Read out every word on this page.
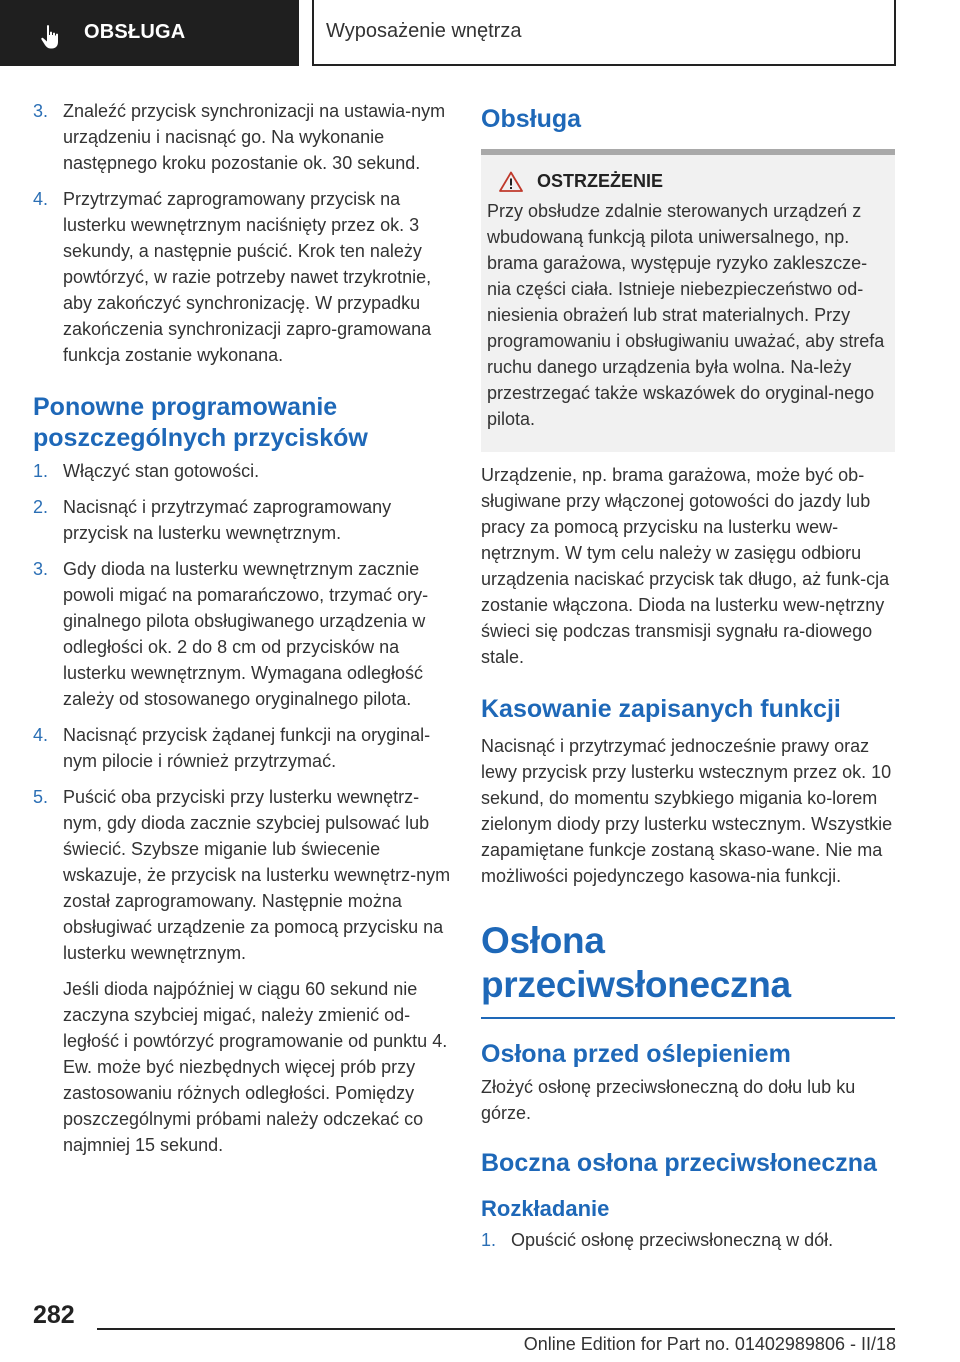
OBSŁUGA	Wyposażenie wnętrza
3. Znaleźć przycisk synchronizacji na ustawia‐nym urządzeniu i nacisnąć go. Na wykonanie następnego kroku pozostanie ok. 30 sekund.
4. Przytrzymać zaprogramowany przycisk na lusterku wewnętrznym naciśnięty przez ok. 3 sekundy, a następnie puścić. Krok ten należy powtórzyć, w razie potrzeby nawet trzykrotnie, aby zakończyć synchronizację. W przypadku zakończenia synchronizacji zapro‐gramowana funkcja zostanie wykonana.
Ponowne programowanie poszczególnych przycisków
1. Włączyć stan gotowości.
2. Nacisnąć i przytrzymać zaprogramowany przycisk na lusterku wewnętrznym.
3. Gdy dioda na lusterku wewnętrznym zacznie powoli migać na pomarańczowo, trzymać ory‐ginalnego pilota obsługiwanego urządzenia w odległości ok. 2 do 8 cm od przycisków na lusterku wewnętrznym. Wymagana odległość zależy od stosowanego oryginalnego pilota.
4. Nacisnąć przycisk żądanej funkcji na oryginal‐nym pilocie i również przytrzymać.
5. Puścić oba przyciski przy lusterku wewnętrz‐nym, gdy dioda zacznie szybciej pulsować lub świecić. Szybsze miganie lub świecenie wskazuje, że przycisk na lusterku wewnętrz‐nym został zaprogramowany. Następnie można obsługiwać urządzenie za pomocą przycisku na lusterku wewnętrznym.

Jeśli dioda najpóźniej w ciągu 60 sekund nie zaczyna szybciej migać, należy zmienić od‐ległość i powtórzyć programowanie od punktu 4. Ew. może być niezbędnych więcej prób przy zastosowaniu różnych odległości. Pomiędzy poszczególnymi próbami należy odczekać co najmniej 15 sekund.

Obsługa
OSTRZEŻENIE

Przy obsłudze zdalnie sterowanych urządzeń z wbudowaną funkcją pilota uniwersalnego, np. brama garażowa, występuje ryzyko zakleszcze‐nia części ciała. Istnieje niebezpieczeństwo od‐niesienia obrażeń lub strat materialnych. Przy programowaniu i obsługiwaniu uważać, aby strefa ruchu danego urządzenia była wolna. Na‐leży przestrzegać także wskazówek do oryginal‐nego pilota.

Urządzenie, np. brama garażowa, może być ob‐sługiwane przy włączonej gotowości do jazdy lub pracy za pomocą przycisku na lusterku wew‐nętrznym. W tym celu należy w zasięgu odbioru urządzenia naciskać przycisk tak długo, aż funk‐cja zostanie włączona. Dioda na lusterku wew‐nętrzny świeci się podczas transmisji sygnału ra‐diowego stale.

Kasowanie zapisanych funkcji

Nacisnąć i przytrzymać jednocześnie prawy oraz lewy przycisk przy lusterku wstecznym przez ok. 10 sekund, do momentu szybkiego migania ko‐lorem zielonym diody przy lusterku wstecznym. Wszystkie zapamiętane funkcje zostaną skaso‐wane. Nie ma możliwości pojedynczego kasowa‐nia funkcji.

Osłona przeciwsłoneczna
Osłona przed oślepieniem

Złożyć osłonę przeciwsłoneczną do dołu lub ku górze.

Boczna osłona przeciwsłoneczna
Rozkładanie
1. Opuścić osłonę przeciwsłoneczną w dół.
282
Online Edition for Part no. 01402989806 - II/18
